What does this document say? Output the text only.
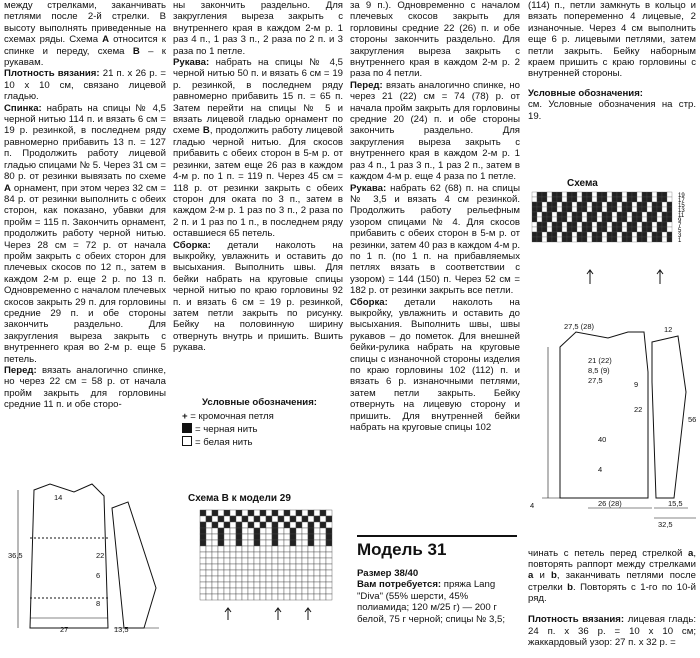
между стрелками, заканчивать петлями после 2-й стрелки. В высоту выполнять приведенные на схемах ряды. Схема A относится к спинке и переду, схема B – к рукавам.

Плотность вязания: 21 п. x 26 р. = 10 x 10 см, связано лицевой гладью.

Спинка: набрать на спицы № 4,5 черной нитью 114 п. и вязать 6 см = 19 р. резинкой, в последнем ряду равномерно прибавить 13 п. = 127 п. Продолжить работу лицевой гладью спицами № 5. Через 31 см = 80 р. от резинки вывязать по схеме A орнамент, при этом через 32 см = 84 р. от резинки выполнить с обеих сторон, как показано, убавки для пройм = 115 п. Закончить орнамент, продолжить работу черной нитью. Через 28 см = 72 р. от начала пройм закрыть с обеих сторон для плечевых скосов по 12 п., затем в каждом 2-м р. еще 2 р. по 13 п. Одновременно с началом плечевых скосов закрыть 29 п. для горловины средние 29 п. и обе стороны закончить раздельно. Для закругления выреза закрыть с внутреннего края во 2-м р. еще 5 петель.

Перед: вязать аналогично спинке, но через 22 см = 58 р. от начала пройм закрыть для горловины средние 11 п. и обе сторо-

ны закончить раздельно. Для закругления выреза закрыть с внутреннего края в каждом 2-м р. 1 раз 4 п., 1 раз 3 п., 2 раза по 2 п. и 3 раза по 1 петле.

Рукава: набрать на спицы № 4,5 черной нитью 50 п. и вязать 6 см = 19 р. резинкой, в последнем ряду равномерно прибавить 15 п. = 65 п. Затем перейти на спицы № 5 и вязать лицевой гладью орнамент по схеме B, продолжить работу лицевой гладью черной нитью. Для скосов прибавить с обеих сторон в 5-м р. от резинки, затем еще 26 раз в каждом 4-м р. по 1 п. = 119 п. Через 45 см = 118 р. от резинки закрыть с обеих сторон для оката по 3 п., затем в каждом 2-м р. 1 раз по 3 п., 2 раза по 2 п. и 1 раз по 1 п., в последнем ряду оставшиеся 65 петель.

Сборка: детали наколоть на выкройку, увлажнить и оставить до высыхания. Выполнить швы. Для бейки набрать на круговые спицы черной нитью по краю горловины 92 п. и вязать 6 см = 19 р. резинкой, затем петли закрыть по рисунку. Бейку на половинную ширину отвернуть внутрь и пришить. Вшить рукава.

Условные обозначения:
+ = кромочная петля
= черная нить
= белая нить
Схема B к модели 29

за 9 п.). Одновременно с началом плечевых скосов закрыть для горловины средние 22 (26) п. и обе стороны закончить раздельно. Для закругления выреза закрыть с внутреннего края в каждом 2-м р. 2 раза по 4 петли.

Перед: вязать аналогично спинке, но через 21 (22) см = 74 (78) р. от начала пройм закрыть для горловины средние 20 (24) п. и обе стороны закончить раздельно. Для закругления выреза закрыть с внутреннего края в каждом 2-м р. 1 раз 4 п., 1 раз 3 п., 1 раз 2 п., затем в каждом 4-м р. еще 4 раза по 1 петле.

Рукава: набрать 62 (68) п. на спицы № 3,5 и вязать 4 см резинкой. Продолжить работу рельефным узором спицами № 4. Для скосов прибавить с обеих сторон в 5-м р. от резинки, затем 40 раз в каждом 4-м р. по 1 п. (по 1 п. на прибавляемых петлях вязать в соответствии с узором) = 144 (150) п. Через 52 см = 182 р. от резинки закрыть все петли.

Сборка: детали наколоть на выкройку, увлажнить и оставить до высыхания. Выполнить швы, швы рукавов – до пометок. Для внешней бейки-рулика набрать на круговые спицы с изнаночной стороны изделия по краю горловины 102 (112) п. и вязать 6 р. изнаночными петлями, затем петли закрыть. Бейку отвернуть на лицевую сторону и пришить. Для внутренней бейки набрать на круговые спицы 102

(114) п., петли замкнуть в кольцо и вязать попеременно 4 лицевые, 2 изнаночные. Через 4 см выполнить еще 6 р. лицевыми петлями, затем петли закрыть. Бейку наборным краем пришить с краю горловины с внутренней стороны.

Условные обозначения:

см. Условные обозначения на стр. 19.

Схема
19
17
15
13
11
9
7
5
3
1
27,5 (28)
21 (22)
8,5 (9)
27,5
40
4
22
56
26 (28)	15,5
32,5
9
4
12
14
27	13,5
36,5	22
6
8
Модель 31
Размер 38/40
Вам потребуется: пряжа Lang "Diva" (55% шерсти, 45% полиамида; 120 м/25 г) — 200 г белой, 75 г черной; спицы № 3,5;

чинать с петель перед стрелкой a, повторять раппорт между стрелками a и b, заканчивать петлями после стрелки b. Повторять с 1-го по 10-й ряд.

Плотность вязания: лицевая гладь: 24 п. x 36 р. = 10 x 10 см; жаккардовый узор: 27 п. x 32 р. =
